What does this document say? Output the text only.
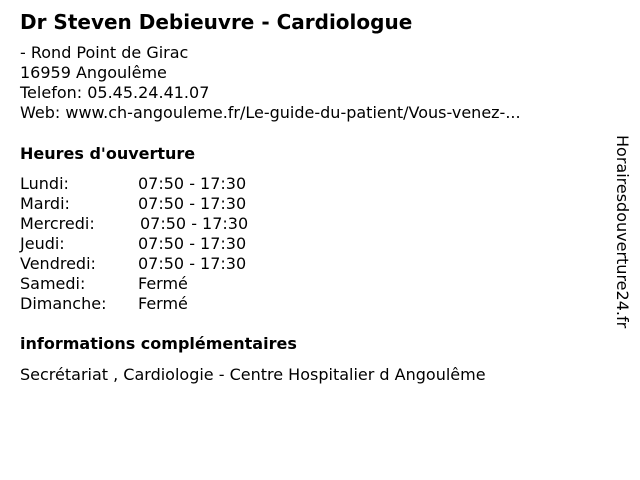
Dr Steven Debieuvre - Cardiologue
- Rond Point de Girac
16959 Angoulême
Telefon: 05.45.24.41.07
Web: www.ch-angouleme.fr/Le-guide-du-patient/Vous-venez-...
Heures d'ouverture
Lundi:	07:50 - 17:30
Mardi:	07:50 - 17:30
Mercredi:	07:50 - 17:30
Jeudi:	07:50 - 17:30
Vendredi:	07:50 - 17:30
Samedi:	Fermé
Dimanche: Fermé
informations complémentaires
Secrétariat , Cardiologie - Centre Hospitalier d Angoulême
Horairesdouverture24.fr
